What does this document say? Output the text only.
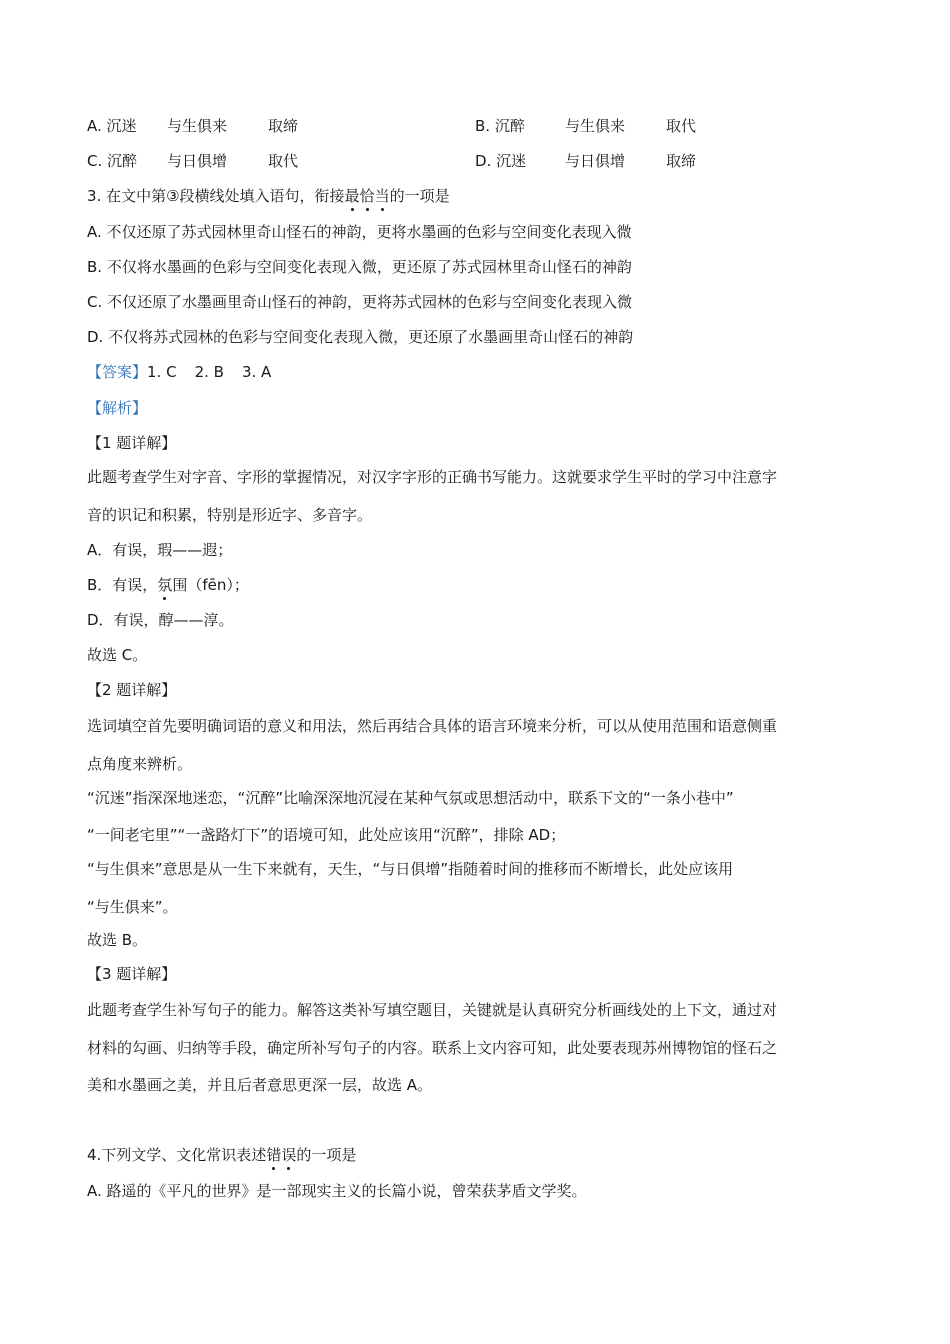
A. 沉迷 与生俱来	取缔	B. 沉醉	与生俱来	取代
C. 沉醉 与日俱增	取代	D. 沉迷	与日俱增	取缔
3. 在文中第③段横线处填入语句，衔接最恰当的一项是
A. 不仅还原了苏式园林里奇山怪石的神韵，更将水墨画的色彩与空间变化表现入微
B. 不仅将水墨画的色彩与空间变化表现入微，更还原了苏式园林里奇山怪石的神韵
C. 不仅还原了水墨画里奇山怪石的神韵，更将苏式园林的色彩与空间变化表现入微
D. 不仅将苏式园林的色彩与空间变化表现入微，更还原了水墨画里奇山怪石的神韵
【答案】1. C 2. B 3. A
【解析】
【1 题详解】
此题考查学生对字音、字形的掌握情况，对汉字字形的正确书写能力。这就要求学生平时的学习中注意字
音的识记和积累，特别是形近字、多音字。
A．有误，瑕——遐；
B．有误，氛围（fēn）；
D．有误，醇——淳。
故选 C。
【2 题详解】
选词填空首先要明确词语的意义和用法，然后再结合具体的语言环境来分析，可以从使用范围和语意侧重
点角度来辨析。
“沉迷”指深深地迷恋，“沉醉”比喻深深地沉浸在某种气氛或思想活动中，联系下文的“一条小巷中”
“一间老宅里”“一盏路灯下”的语境可知，此处应该用“沉醉”，排除 AD；
“与生俱来”意思是从一生下来就有，天生，“与日俱增”指随着时间的推移而不断增长，此处应该用
“与生俱来”。
故选 B。
【3 题详解】
此题考查学生补写句子的能力。解答这类补写填空题目，关键就是认真研究分析画线处的上下文，通过对
材料的勾画、归纳等手段，确定所补写句子的内容。联系上文内容可知，此处要表现苏州博物馆的怪石之
美和水墨画之美，并且后者意思更深一层，故选 A。
4.下列文学、文化常识表述错误的一项是
A. 路遥的《平凡的世界》是一部现实主义的长篇小说，曾荣获茅盾文学奖。
